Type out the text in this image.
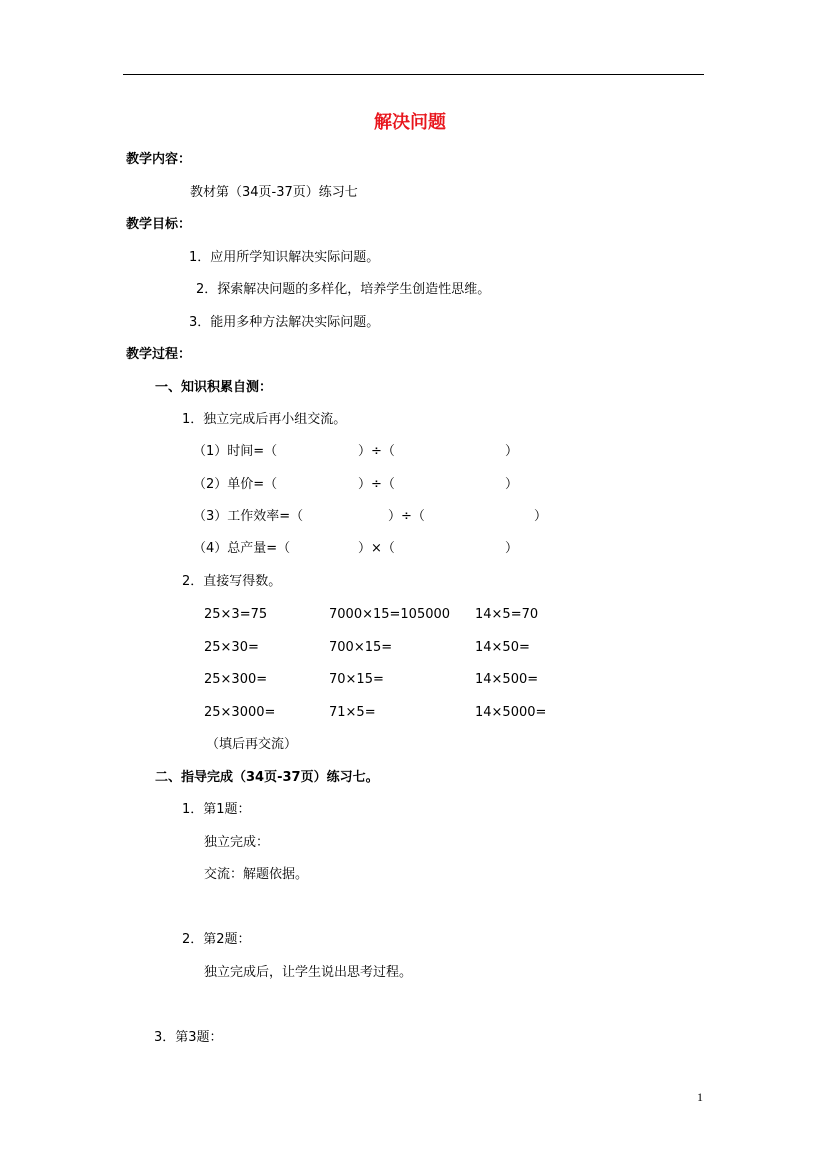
解决问题
教学内容：
教材第（34页-37页）练习七
教学目标：
1．应用所学知识解决实际问题。
2．探索解决问题的多样化，培养学生创造性思维。
3．能用多种方法解决实际问题。
教学过程：
一、知识积累自测：
1．独立完成后再小组交流。
（1）时间=（	）÷（	）
（2）单价=（	）÷（	）
（3）工作效率=（	）÷（	）
（4）总产量=（	）×（	）
2．直接写得数。
25×3=75	7000×15=105000 14×5=70
25×30=	700×15=	14×50=
25×300=	70×15=	14×500=
25×3000=	71×5=	14×5000=
（填后再交流）
二、指导完成（34页-37页）练习七。
1．第1题：
独立完成：
交流：解题依据。
2．第2题：
独立完成后，让学生说出思考过程。
3．第3题：
1
